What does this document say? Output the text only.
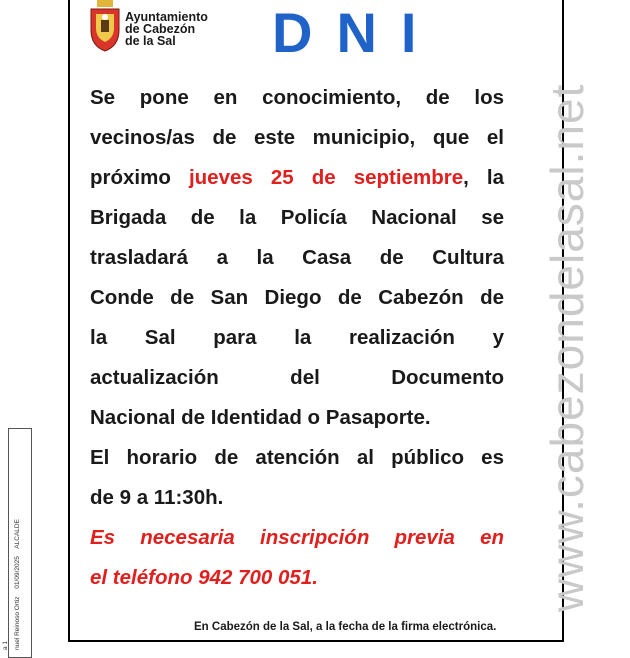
Ayuntamiento
de Cabezón
de la Sal	DNI
Se pone en conocimiento, de los
vecinos/as de este municipio, que el
próximo jueves 25 de septiembre, la
Brigada de la Policía Nacional se
trasladará a la Casa de Cultura
Conde de San Diego de Cabezón de
la Sal para la realización y
actualización del Documento
Nacional de Identidad o Pasaporte.
El horario de atención al público es
de 9 a 11:30h.
Es necesaria inscripción previa en
el teléfono 942 700 051.
En Cabezón de la Sal, a la fecha de la firma electrónica.
www.cabezondelasal.net
nuel Reinoso Ortiz 01/09/2025 ALCALDE
a 1
